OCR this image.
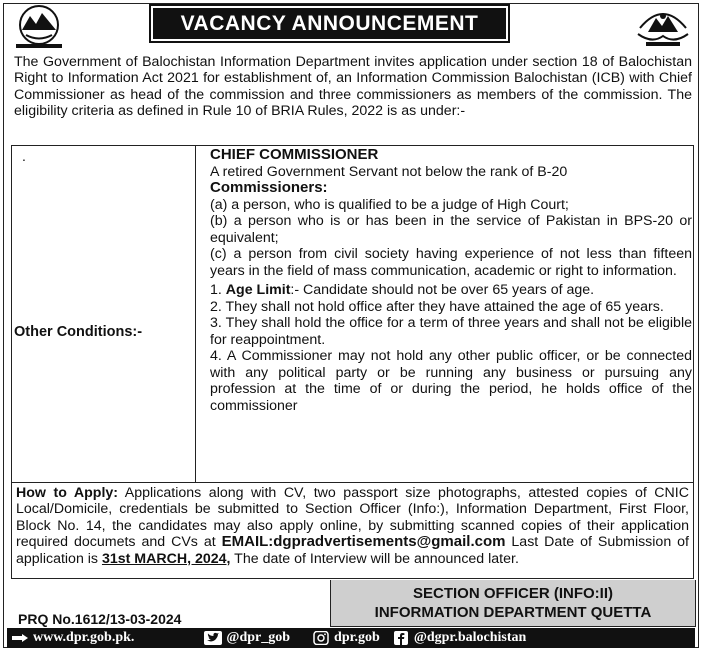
VACANCY ANNOUNCEMENT

The Government of Balochistan Information Department invites application under section 18 of Balochistan Right to Information Act 2021 for establishment of, an Information Commission Balochistan (ICB) with Chief Commissioner as head of the commission and three commissioners as members of the commission. The eligibility criteria as defined in Rule 10 of BRIA Rules, 2022 is as under:-

.
Other Conditions:-

CHIEF COMMISSIONER

A retired Government Servant not below the rank of B-20

Commissioners:

(a) a person, who is qualified to be a judge of High Court;

(b) a person who is or has been in the service of Pakistan in BPS-20 or equivalent;

(c) a person from civil society having experience of not less than fifteen years in the field of mass communication, academic or right to information.

1. Age Limit:- Candidate should not be over 65 years of age.

2. They shall not hold office after they have attained the age of 65 years.

3. They shall hold the office for a term of three years and shall not be eligible for reappointment.

4. A Commissioner may not hold any other public officer, or be connected with any political party or be running any business or pursuing any profession at the time of or during the period, he holds office of the commissioner

How to Apply: Applications along with CV, two passport size photographs, attested copies of CNIC Local/Domicile, credentials be submitted to Section Officer (Info:), Information Department, First Floor, Block No. 14, the candidates may also apply online, by submitting scanned copies of their application required documets and CVs at EMAIL:dgpradvertisements@gmail.com Last Date of Submission of application is 31st MARCH, 2024, The date of Interview will be announced later.
PRQ No.1612/13-03-2024
SECTION OFFICER (INFO:II)
INFORMATION DEPARTMENT QUETTA
www.dpr.gob.pk.	@dpr_gob	dpr.gob @dgpr.balochistan
